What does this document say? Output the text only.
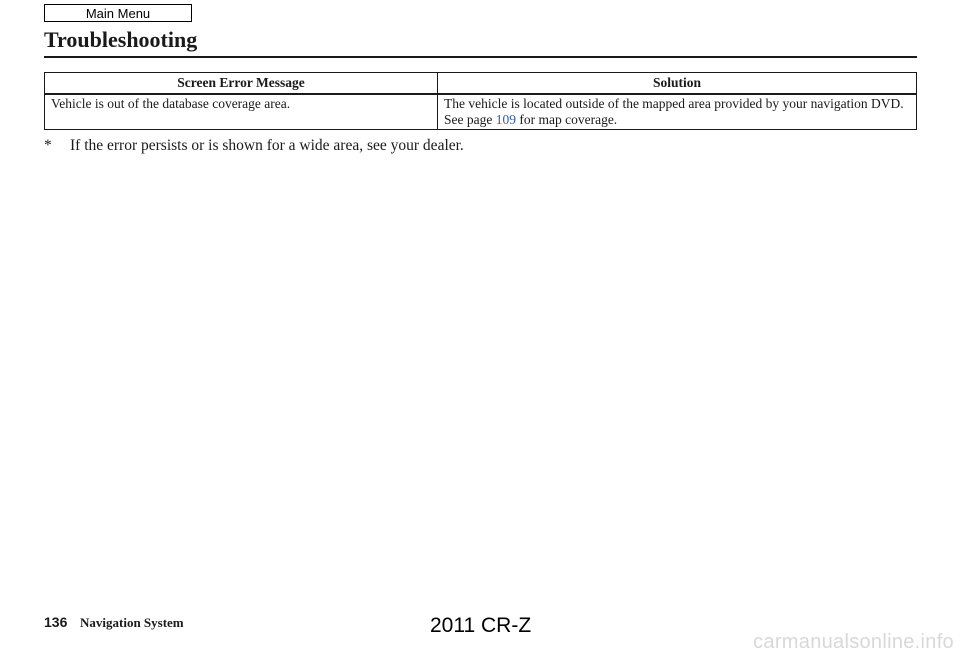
Main Menu
Troubleshooting
Screen Error Message	Solution
Vehicle is out of the database coverage area.	The vehicle is located outside of the mapped area provided by your navigation DVD. See page 109 for map coverage.
* If the error persists or is shown for a wide area, see your dealer.
136 Navigation System	2011 CR-Z
carmanualsonline.info
